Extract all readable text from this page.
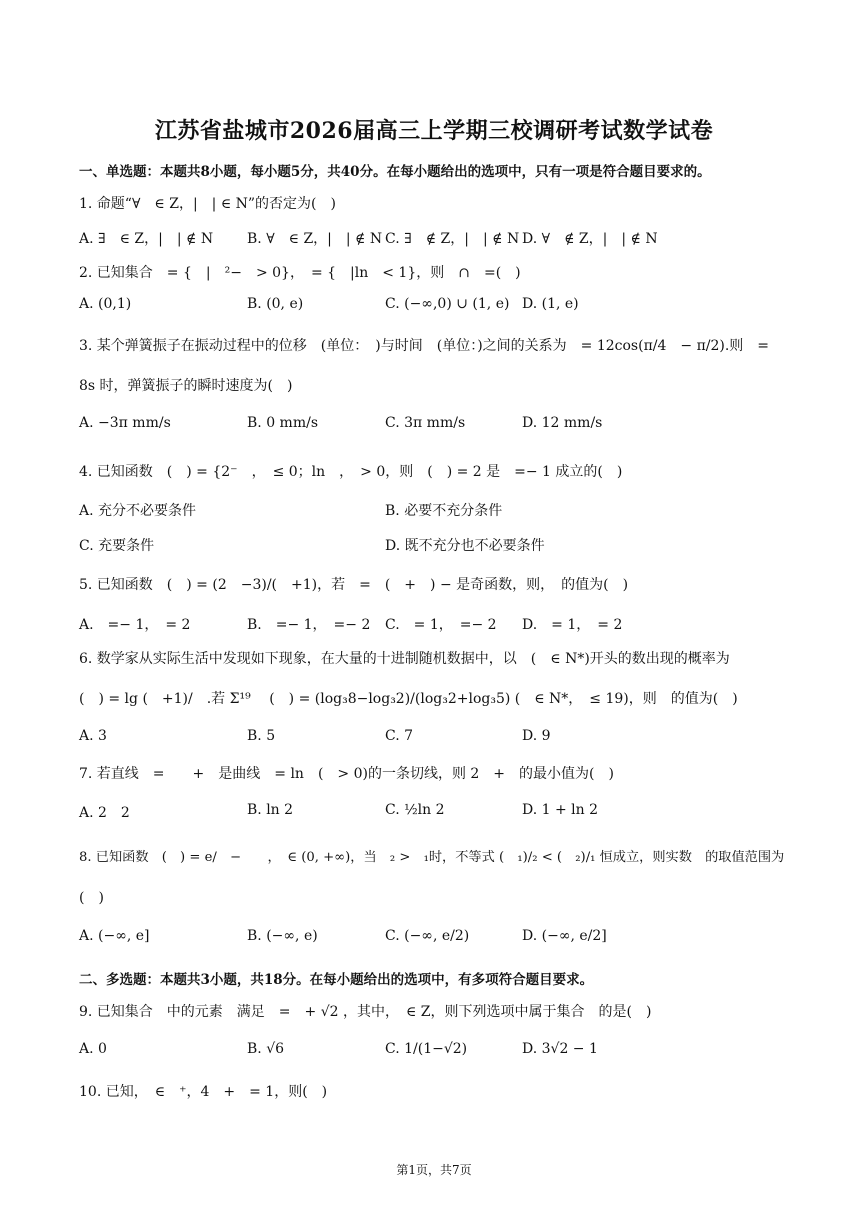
江苏省盐城市2026届高三上学期三校调研考试数学试卷
一、单选题：本题共8小题，每小题5分，共40分。在每小题给出的选项中，只有一项是符合题目要求的。
1. 命题“∀　∈ Z，|　| ∈ N”的否定为(　)
A. ∃　∈ Z，|　| ∉ N B. ∀　∈ Z，|　| ∉ N C. ∃　∉ Z，|　| ∉ N D. ∀　∉ Z，|　| ∉ N
2. 已知集合　= {　|　²−　> 0}，　= {　|ln　< 1}，则　∩　=(　)
A. (0,1)	B. (0, e)	C. (−∞,0) ∪ (1, e) D. (1, e)
3. 某个弹簧振子在振动过程中的位移　(单位：　)与时间　(单位：)之间的关系为　= 12cos(π/4　− π/2).则　=
8s 时，弹簧振子的瞬时速度为(　)
A. −3π mm/s	B. 0 mm/s	C. 3π mm/s	D. 12 mm/s
4. 已知函数　(　) = {2⁻　，　≤ 0；ln　，　> 0，则　(　) = 2 是　=− 1 成立的(　)
A. 充分不必要条件	B. 必要不充分条件
C. 充要条件	D. 既不充分也不必要条件
5. 已知函数　(　) = (2　−3)/(　+1)，若　=　(　+　) − 是奇函数，则，　的值为(　)
A.　=− 1，　= 2	B.　=− 1，　=− 2 C.　= 1，　=− 2 D.　= 1，　= 2
6. 数学家从实际生活中发现如下现象，在大量的十进制随机数据中，以　(　∈ N*)开头的数出现的概率为
(　) = lg (　+1)/　.若 Σ¹⁹ 　(　) = (log₃8−log₃2)/(log₃2+log₃5) (　∈ N*，　≤ 19)，则　的值为(　)
A. 3	B. 5	C. 7	D. 9
7. 若直线　=　　+　是曲线　= ln　(　> 0)的一条切线，则 2　+　的最小值为(　)
A. 2　2	B. ln 2	C. ½ln 2	D. 1 + ln 2
8. 已知函数　(　) = e/　−　　，　∈ (0, +∞)，当　₂ >　₁时，不等式 (　₁)/₂ < (　₂)/₁ 恒成立，则实数　的取值范围为
(　)
A. (−∞, e]	B. (−∞, e)	C. (−∞, e/2)	D. (−∞, e/2]
二、多选题：本题共3小题，共18分。在每小题给出的选项中，有多项符合题目要求。
9. 已知集合　中的元素　满足　=　+ √2 ，其中，　∈ Z，则下列选项中属于集合　的是(　)
A. 0	B. √6	C. 1/(1−√2)	D. 3√2 − 1
10. 已知，　∈　⁺，4　+　= 1，则(　)
第1页，共7页
